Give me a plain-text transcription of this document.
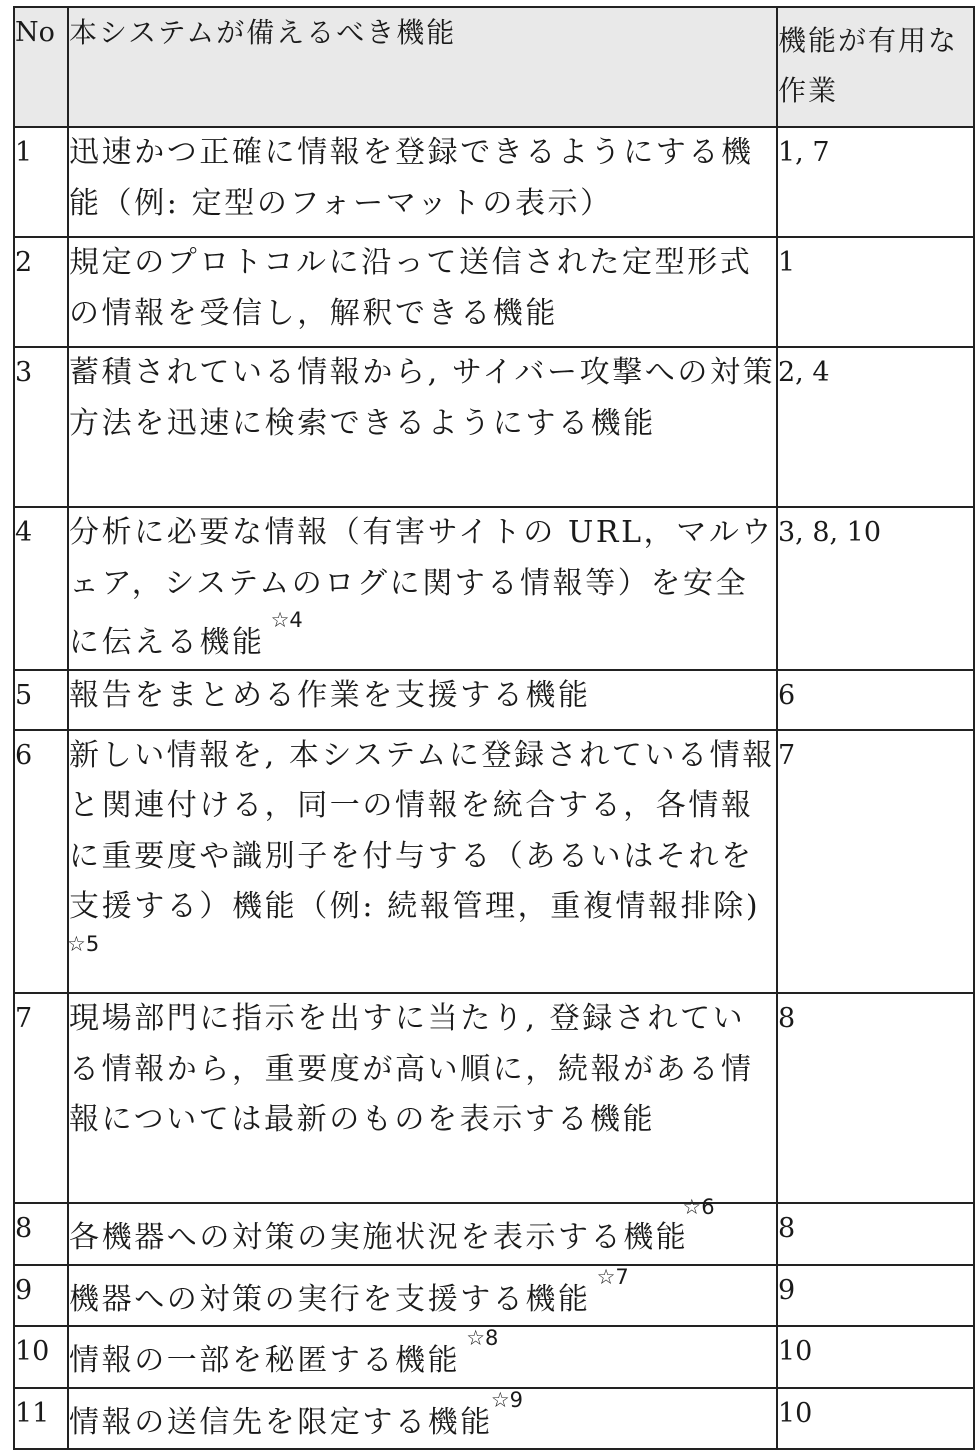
No	本システムが備えるべき機能	機能が有用な作業
1	迅速かつ正確に情報を登録できるようにする機能（例: 定型のフォーマットの表示）	1, 7
2	規定のプロトコルに沿って送信された定型形式の情報を受信し，解釈できる機能	1
3	蓄積されている情報から, サイバー攻撃への対策方法を迅速に検索できるようにする機能	2, 4
4	分析に必要な情報（有害サイトの URL，マルウェア，システムのログに関する情報等）を安全に伝える機能$^{☆4}$	3, 8, 10
5	報告をまとめる作業を支援する機能	6
6	新しい情報を, 本システムに登録されている情報と関連付ける，同一の情報を統合する，各情報に重要度や識別子を付与する（あるいはそれを支援する）機能（例: 続報管理，重複情報排除)$^{☆5}$	7
7	現場部門に指示を出すに当たり, 登録されている情報から，重要度が高い順に，続報がある情報については最新のものを表示する機能	8
8	各機器への対策の実施状況を表示する機能$^{☆6}$	8
9	機器への対策の実行を支援する機能$^{☆7}$	9
10	情報の一部を秘匿する機能$^{☆8}$	10
11	情報の送信先を限定する機能$^{☆9}$	10
